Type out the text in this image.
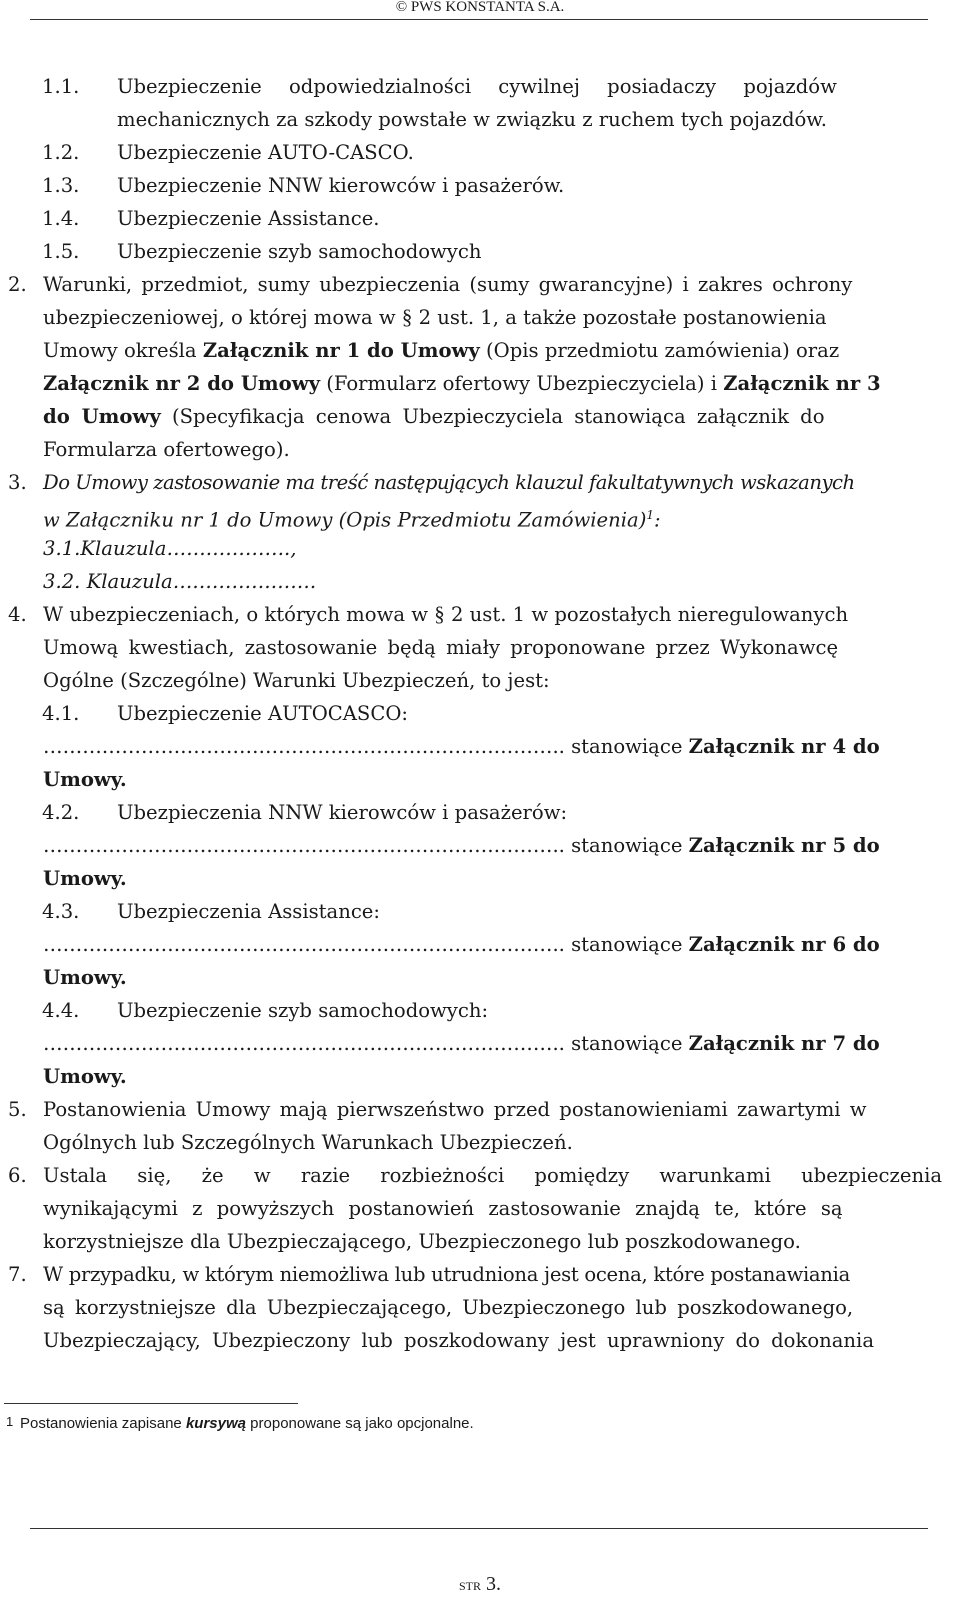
© PWS KONSTANTA S.A.
1.1. Ubezpieczenie odpowiedzialności cywilnej posiadaczy pojazdów
mechanicznych za szkody powstałe w związku z ruchem tych pojazdów.
1.2. Ubezpieczenie AUTO-CASCO.
1.3. Ubezpieczenie NNW kierowców i pasażerów.
1.4. Ubezpieczenie Assistance.
1.5. Ubezpieczenie szyb samochodowych
2. Warunki, przedmiot, sumy ubezpieczenia (sumy gwarancyjne) i zakres ochrony
ubezpieczeniowej, o której mowa w § 2 ust. 1, a także pozostałe postanowienia
Umowy określa Załącznik nr 1 do Umowy (Opis przedmiotu zamówienia) oraz
Załącznik nr 2 do Umowy (Formularz ofertowy Ubezpieczyciela) i Załącznik nr 3
do Umowy (Specyfikacja cenowa Ubezpieczyciela stanowiąca załącznik do
Formularza ofertowego).
3. Do Umowy zastosowanie ma treść następujących klauzul fakultatywnych wskazanych
w Załączniku nr 1 do Umowy (Opis Przedmiotu Zamówienia)$^1$:
3.1.Klauzula……………….,
3.2. Klauzula………………….
4. W ubezpieczeniach, o których mowa w § 2 ust. 1 w pozostałych nieregulowanych
Umową kwestiach, zastosowanie będą miały proponowane przez Wykonawcę
Ogólne (Szczególne) Warunki Ubezpieczeń, to jest:
4.1. Ubezpieczenie AUTOCASCO:
…………………………………………………………………….. stanowiące Załącznik nr 4 do
Umowy.
4.2. Ubezpieczenia NNW kierowców i pasażerów:
…………………………………………………………………….. stanowiące Załącznik nr 5 do
Umowy.
4.3. Ubezpieczenia Assistance:
…………………………………………………………………….. stanowiące Załącznik nr 6 do
Umowy.
4.4. Ubezpieczenie szyb samochodowych:
…………………………………………………………………….. stanowiące Załącznik nr 7 do
Umowy.
5. Postanowienia Umowy mają pierwszeństwo przed postanowieniami zawartymi w
Ogólnych lub Szczególnych Warunkach Ubezpieczeń.
6. Ustala się, że w razie rozbieżności pomiędzy warunkami ubezpieczenia
wynikającymi z powyższych postanowień zastosowanie znajdą te, które są
korzystniejsze dla Ubezpieczającego, Ubezpieczonego lub poszkodowanego.
7. W przypadku, w którym niemożliwa lub utrudniona jest ocena, które postanawiania
są korzystniejsze dla Ubezpieczającego, Ubezpieczonego lub poszkodowanego,
Ubezpieczający, Ubezpieczony lub poszkodowany jest uprawniony do dokonania
1 Postanowienia zapisane kursywą proponowane są jako opcjonalne.
STR 3.
